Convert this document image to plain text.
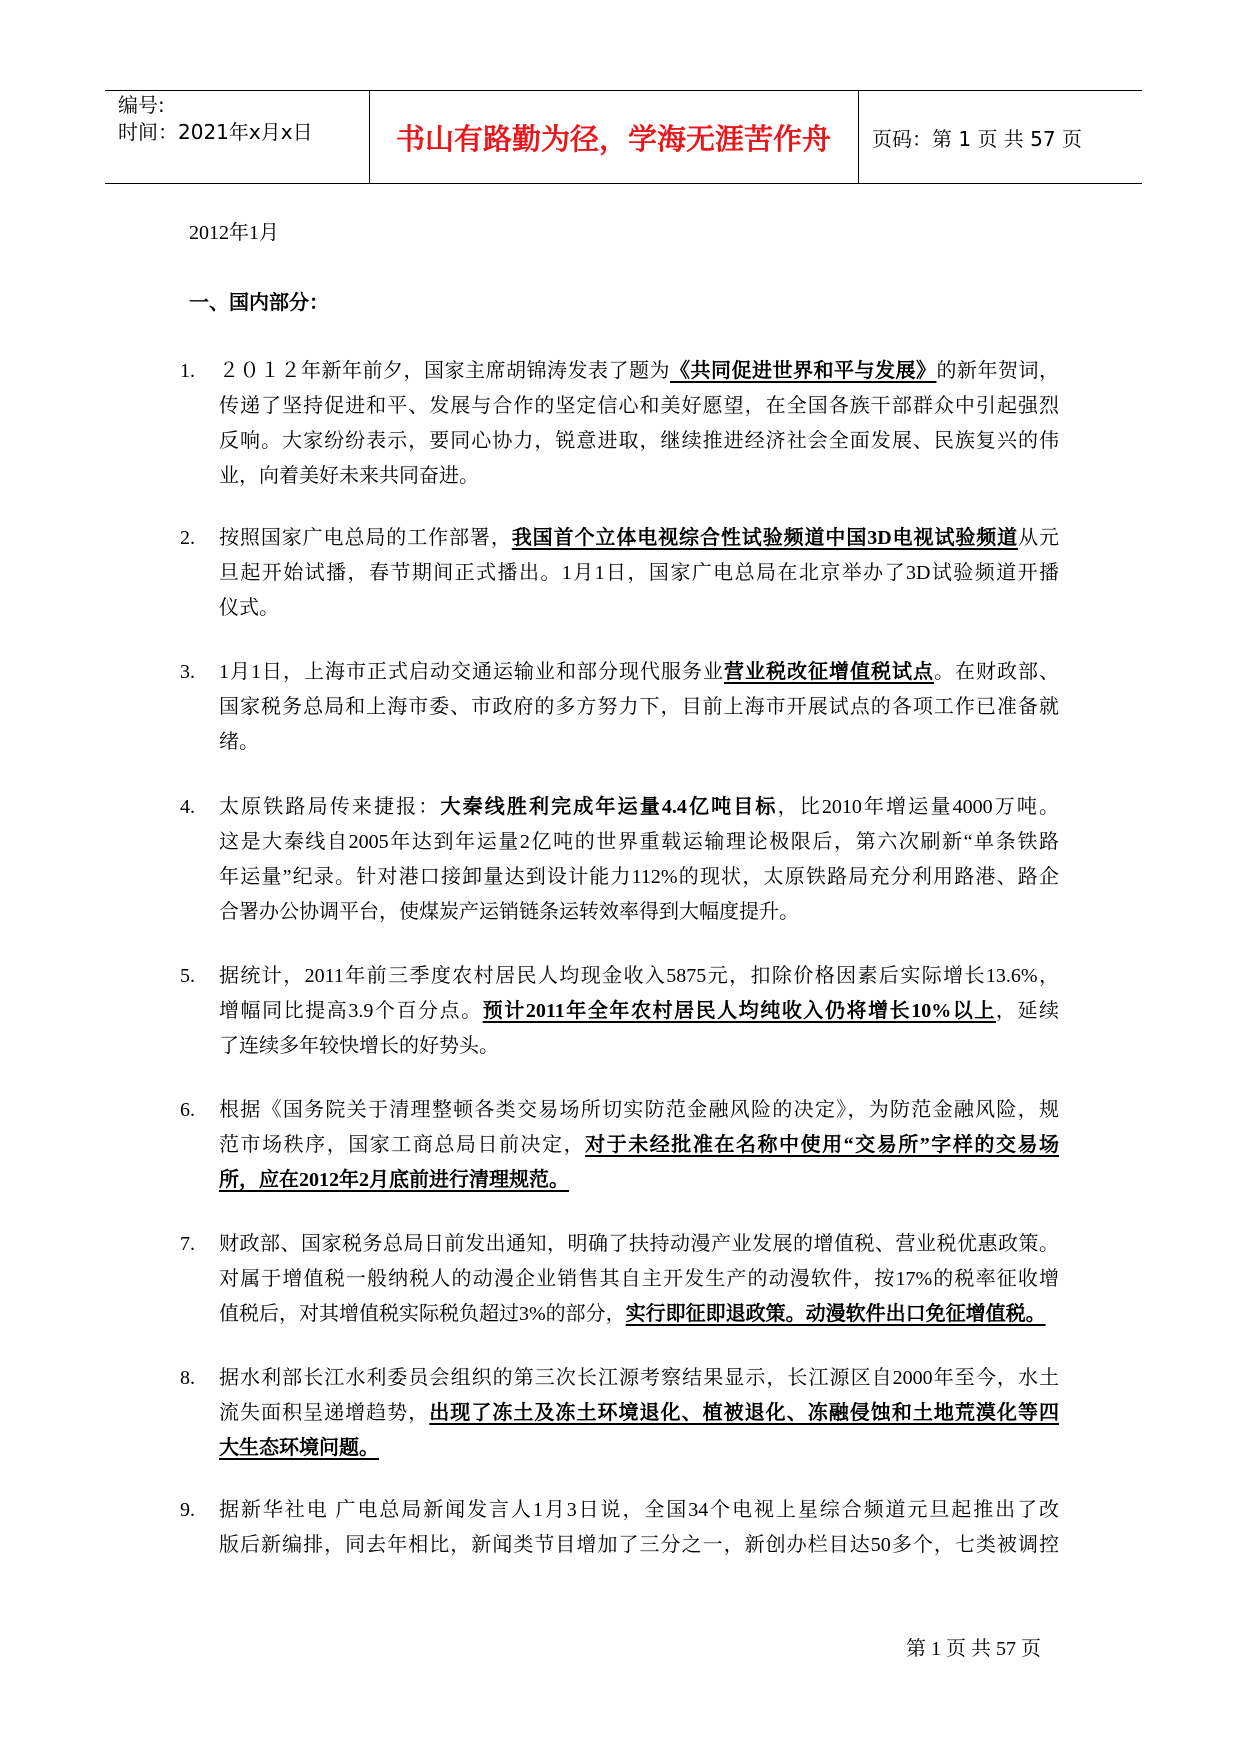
编号:
时间：2021年x月x日	书山有路勤为径，学海无涯苦作舟	页码：第 1 页 共 57 页
2012年1月
一、国内部分：
1. ２０１２年新年前夕，国家主席胡锦涛发表了题为《共同促进世界和平与发展》的新年贺词，
传递了坚持促进和平、发展与合作的坚定信心和美好愿望，在全国各族干部群众中引起强烈
反响。大家纷纷表示，要同心协力，锐意进取，继续推进经济社会全面发展、民族复兴的伟
业，向着美好未来共同奋进。
2. 按照国家广电总局的工作部署，我国首个立体电视综合性试验频道中国3D电视试验频道从元
旦起开始试播，春节期间正式播出。1月1日，国家广电总局在北京举办了3D试验频道开播
仪式。
3. 1月1日，上海市正式启动交通运输业和部分现代服务业营业税改征增值税试点。在财政部、
国家税务总局和上海市委、市政府的多方努力下，目前上海市开展试点的各项工作已准备就
绪。
4. 太原铁路局传来捷报：大秦线胜利完成年运量4.4亿吨目标，比2010年增运量4000万吨。
这是大秦线自2005年达到年运量2亿吨的世界重载运输理论极限后，第六次刷新“单条铁路
年运量”纪录。针对港口接卸量达到设计能力112%的现状，太原铁路局充分利用路港、路企
合署办公协调平台，使煤炭产运销链条运转效率得到大幅度提升。
5. 据统计，2011年前三季度农村居民人均现金收入5875元，扣除价格因素后实际增长13.6%，
增幅同比提高3.9个百分点。预计2011年全年农村居民人均纯收入仍将增长10%以上，延续
了连续多年较快增长的好势头。
6. 根据《国务院关于清理整顿各类交易场所切实防范金融风险的决定》，为防范金融风险，规
范市场秩序，国家工商总局日前决定，对于未经批准在名称中使用“交易所”字样的交易场
所，应在2012年2月底前进行清理规范。
7. 财政部、国家税务总局日前发出通知，明确了扶持动漫产业发展的增值税、营业税优惠政策。
对属于增值税一般纳税人的动漫企业销售其自主开发生产的动漫软件，按17%的税率征收增
值税后，对其增值税实际税负超过3%的部分，实行即征即退政策。动漫软件出口免征增值税。
8. 据水利部长江水利委员会组织的第三次长江源考察结果显示，长江源区自2000年至今，水土
流失面积呈递增趋势，出现了冻土及冻土环境退化、植被退化、冻融侵蚀和土地荒漠化等四
大生态环境问题。
9. 据新华社电 广电总局新闻发言人1月3日说，全国34个电视上星综合频道元旦起推出了改
版后新编排，同去年相比，新闻类节目增加了三分之一，新创办栏目达50多个，七类被调控
第 1 页 共 57 页
